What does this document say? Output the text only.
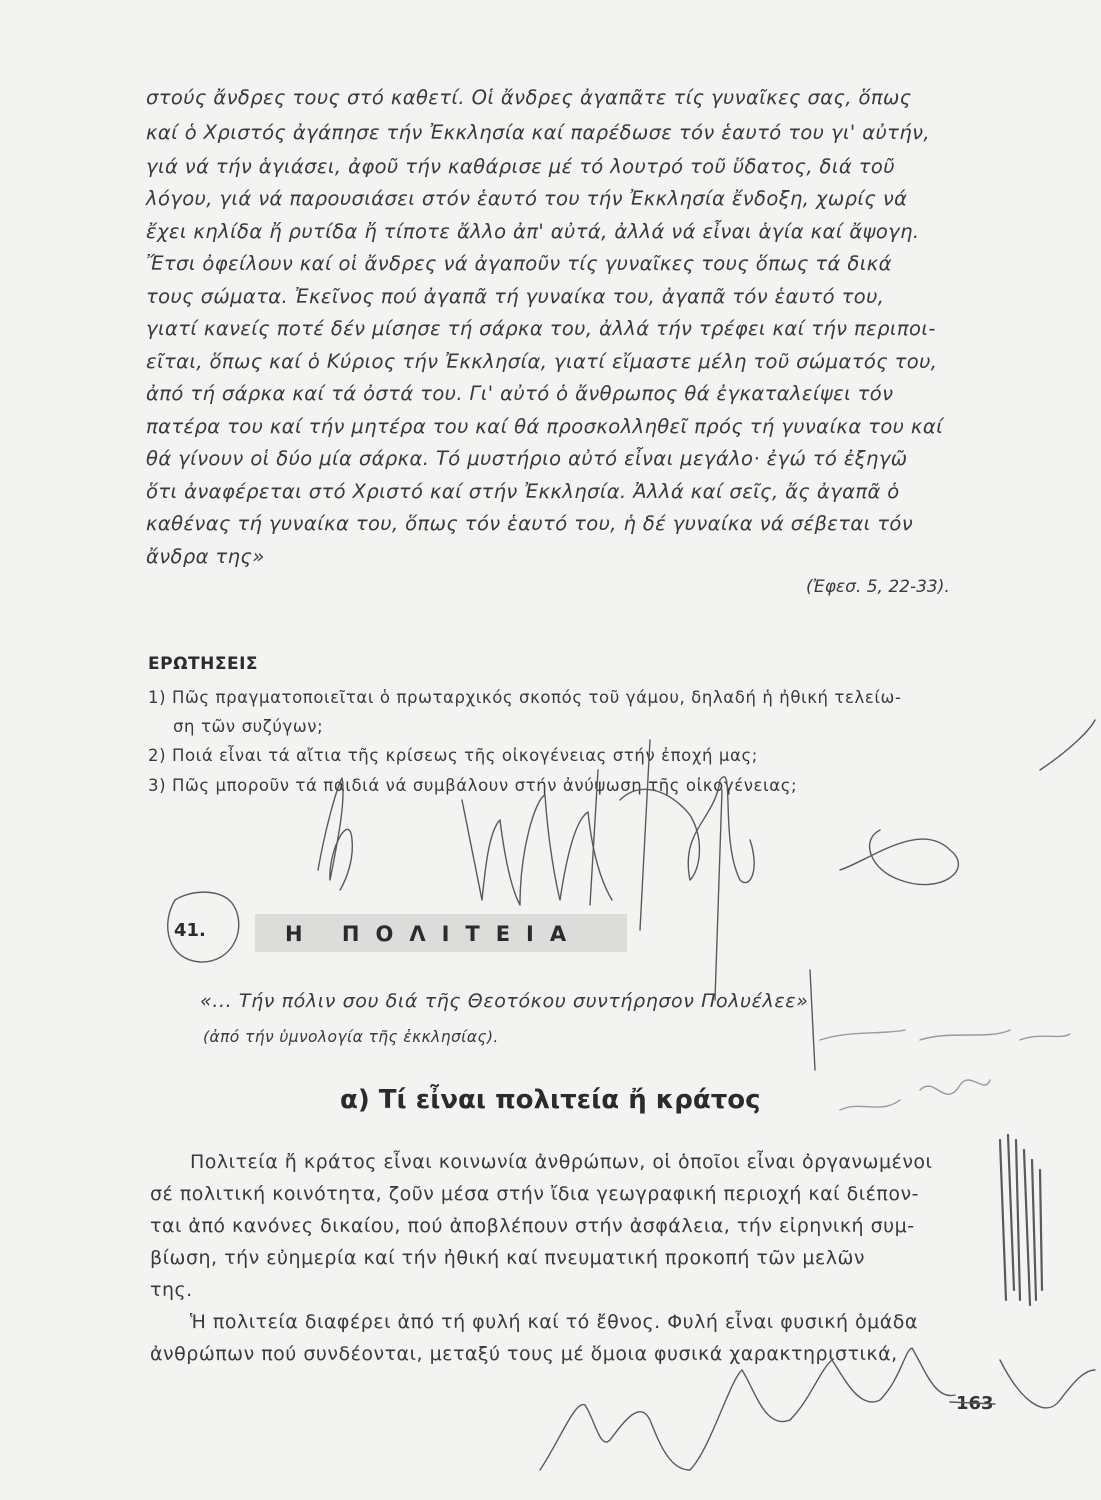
στούς ἄνδρες τους στό καθετί. Οἱ ἄνδρες ἀγαπᾶτε τίς γυναῖκες σας, ὅπως
καί ὁ Χριστός ἀγάπησε τήν Ἐκκλησία καί παρέδωσε τόν ἑαυτό του γι' αὐτήν,
γιά νά τήν ἁγιάσει, ἀφοῦ τήν καθάρισε μέ τό λουτρό τοῦ ὕδατος, διά τοῦ
λόγου, γιά νά παρουσιάσει στόν ἑαυτό του τήν Ἐκκλησία ἔνδοξη, χωρίς νά
ἔχει κηλίδα ἤ ρυτίδα ἤ τίποτε ἄλλο ἀπ' αὐτά, ἀλλά νά εἶναι ἁγία καί ἄψογη.
Ἔτσι ὀφείλουν καί οἱ ἄνδρες νά ἀγαποῦν τίς γυναῖκες τους ὅπως τά δικά
τους σώματα. Ἐκεῖνος πού ἀγαπᾶ τή γυναίκα του, ἀγαπᾶ τόν ἑαυτό του,
γιατί κανείς ποτέ δέν μίσησε τή σάρκα του, ἀλλά τήν τρέφει καί τήν περιποι-
εῖται, ὅπως καί ὁ Κύριος τήν Ἐκκλησία, γιατί εἴμαστε μέλη τοῦ σώματός του,
ἀπό τή σάρκα καί τά ὀστά του. Γι' αὐτό ὁ ἄνθρωπος θά ἐγκαταλείψει τόν
πατέρα του καί τήν μητέρα του καί θά προσκολληθεῖ πρός τή γυναίκα του καί
θά γίνουν οἱ δύο μία σάρκα. Τό μυστήριο αὐτό εἶναι μεγάλο· ἐγώ τό ἐξηγῶ
ὅτι ἀναφέρεται στό Χριστό καί στήν Ἐκκλησία. Ἀλλά καί σεῖς, ἄς ἀγαπᾶ ὁ
καθένας τή γυναίκα του, ὅπως τόν ἑαυτό του, ἡ δέ γυναίκα νά σέβεται τόν
ἄνδρα της»
(Ἐφεσ. 5, 22-33).
ΕΡΩΤΗΣΕΙΣ
1) Πῶς πραγματοποιεῖται ὁ πρωταρχικός σκοπός τοῦ γάμου, δηλαδή ἡ ἠθική τελείω-
ση τῶν συζύγων;
2) Ποιά εἶναι τά αἴτια τῆς κρίσεως τῆς οἰκογένειας στήν ἐποχή μας;
3) Πῶς μποροῦν τά παιδιά νά συμβάλουν στήν ἀνύψωση τῆς οἰκογένειας;
41.	Η ΠΟΛΙΤΕΙΑ
«... Τήν πόλιν σου διά τῆς Θεοτόκου συντήρησον Πολυέλεε»
(ἀπό τήν ὑμνολογία τῆς ἐκκλησίας).
α) Τί εἶναι πολιτεία ἤ κράτος
Πολιτεία ἤ κράτος εἶναι κοινωνία ἀνθρώπων, οἱ ὁποῖοι εἶναι ὀργανωμένοι
σέ πολιτική κοινότητα, ζοῦν μέσα στήν ἴδια γεωγραφική περιοχή καί διέπον-
ται ἀπό κανόνες δικαίου, πού ἀποβλέπουν στήν ἀσφάλεια, τήν εἰρηνική συμ-
βίωση, τήν εὐημερία καί τήν ἠθική καί πνευματική προκοπή τῶν μελῶν
της.
Ἡ πολιτεία διαφέρει ἀπό τή φυλή καί τό ἔθνος. Φυλή εἶναι φυσική ὁμάδα
ἀνθρώπων πού συνδέονται, μεταξύ τους μέ ὅμοια φυσικά χαρακτηριστικά,
163
